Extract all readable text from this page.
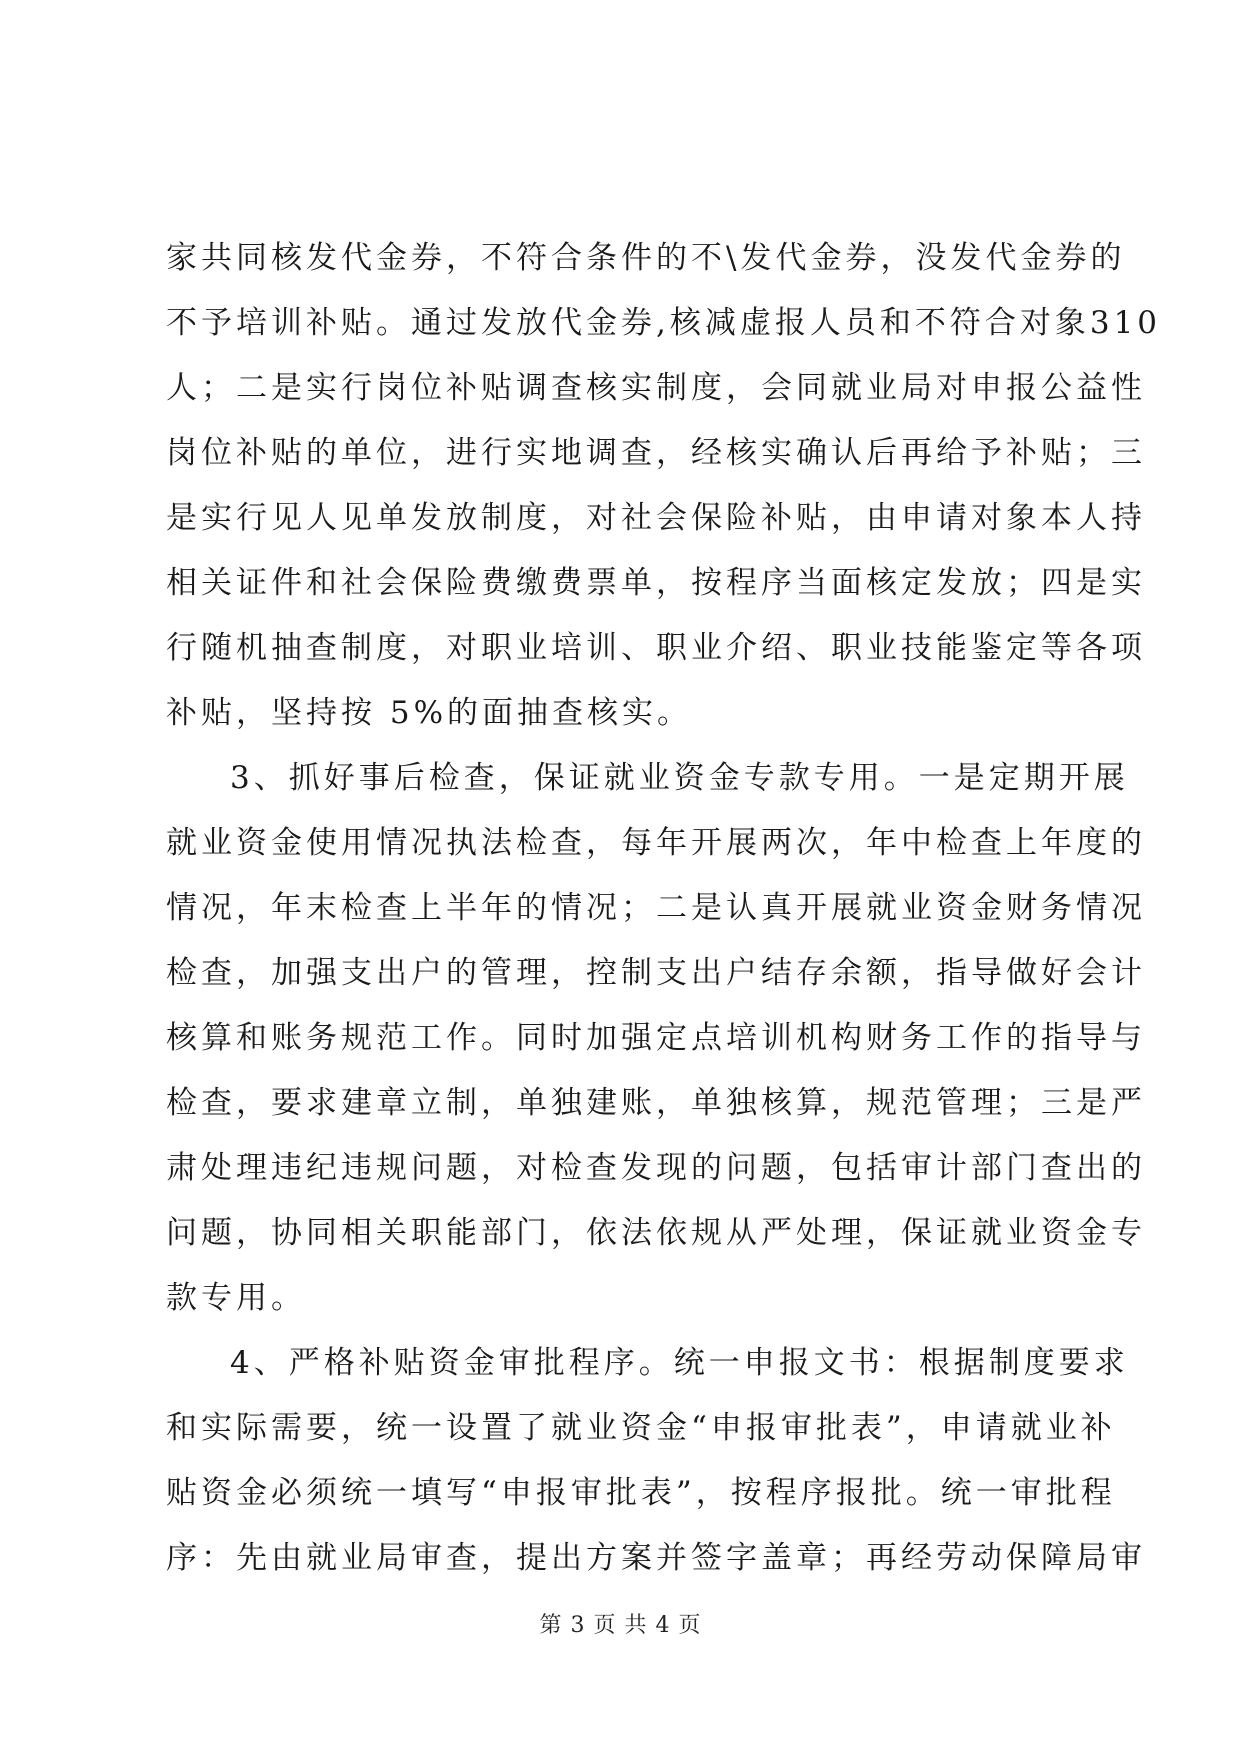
家共同核发代金券，不符合条件的不\发代金券，没发代金券的
不予培训补贴。通过发放代金券,核减虚报人员和不符合对象310
人；二是实行岗位补贴调查核实制度，会同就业局对申报公益性
岗位补贴的单位，进行实地调查，经核实确认后再给予补贴；三
是实行见人见单发放制度，对社会保险补贴，由申请对象本人持
相关证件和社会保险费缴费票单，按程序当面核定发放；四是实
行随机抽查制度，对职业培训、职业介绍、职业技能鉴定等各项
补贴，坚持按 5%的面抽查核实。
3、抓好事后检查，保证就业资金专款专用。一是定期开展
就业资金使用情况执法检查，每年开展两次，年中检查上年度的
情况，年末检查上半年的情况；二是认真开展就业资金财务情况
检查，加强支出户的管理，控制支出户结存余额，指导做好会计
核算和账务规范工作。同时加强定点培训机构财务工作的指导与
检查，要求建章立制，单独建账，单独核算，规范管理；三是严
肃处理违纪违规问题，对检查发现的问题，包括审计部门查出的
问题，协同相关职能部门，依法依规从严处理，保证就业资金专
款专用。
4、严格补贴资金审批程序。统一申报文书：根据制度要求
和实际需要，统一设置了就业资金“申报审批表”，申请就业补
贴资金必须统一填写“申报审批表”，按程序报批。统一审批程
序：先由就业局审查，提出方案并签字盖章；再经劳动保障局审
第 3 页 共 4 页
